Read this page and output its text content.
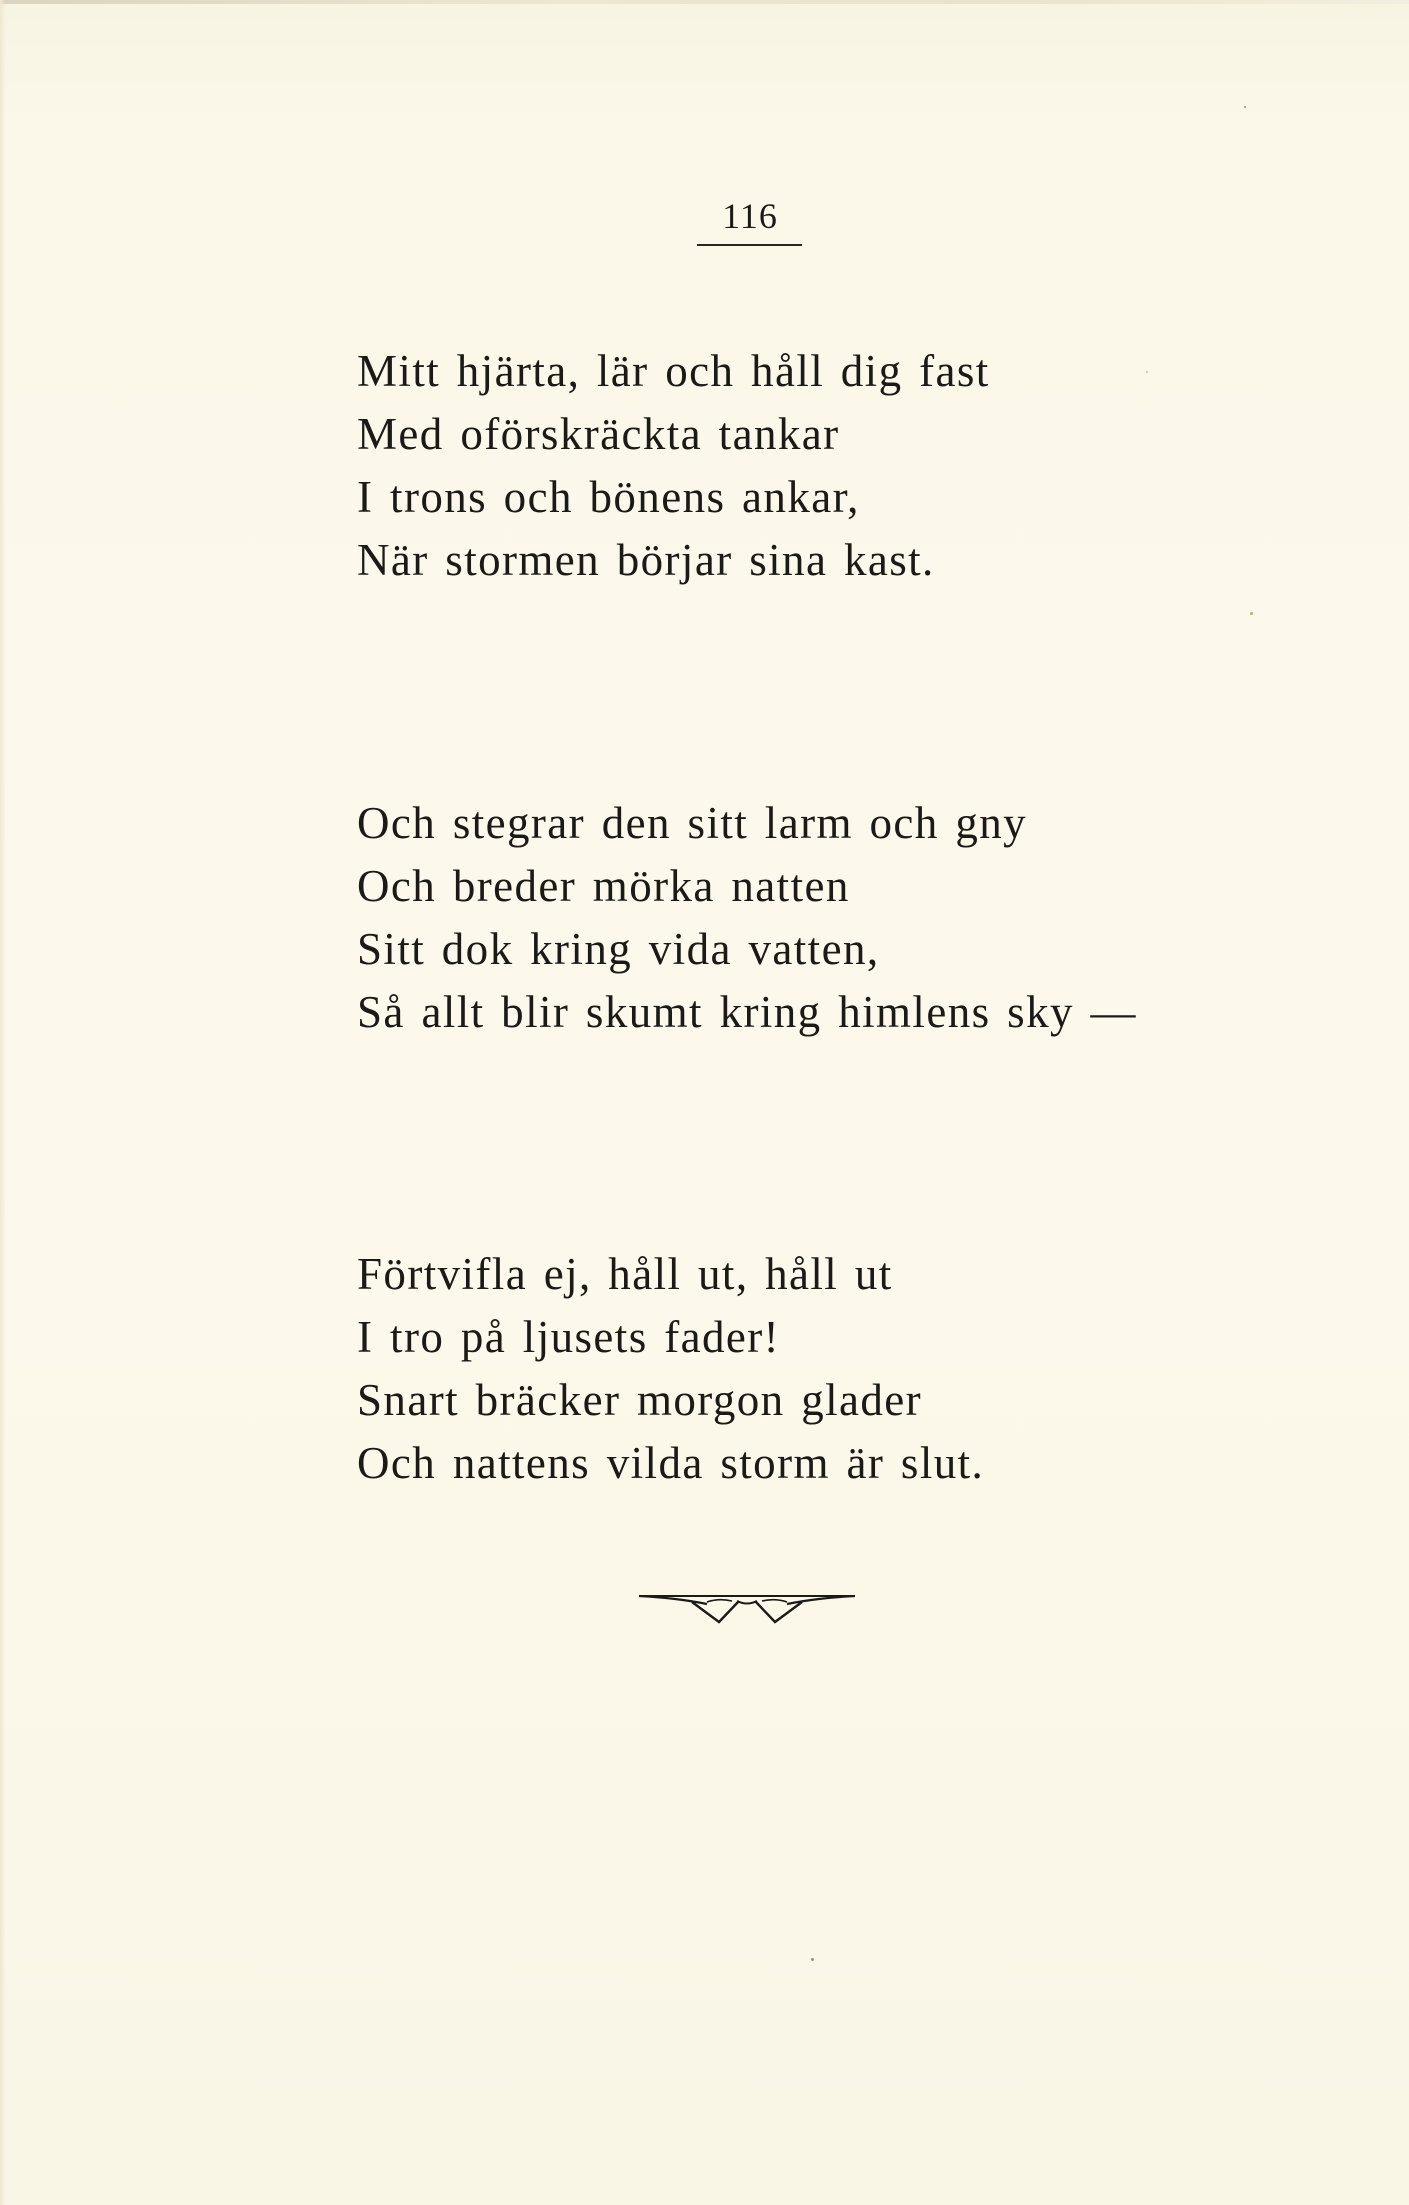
116
Mitt hjärta, lär och håll dig fast
Med oförskräckta tankar
I trons och bönens ankar,
När stormen börjar sina kast.
Och stegrar den sitt larm och gny
Och breder mörka natten
Sitt dok kring vida vatten,
Så allt blir skumt kring himlens sky —
Förtvifla ej, håll ut, håll ut
I tro på ljusets fader!
Snart bräcker morgon glader
Och nattens vilda storm är slut.
